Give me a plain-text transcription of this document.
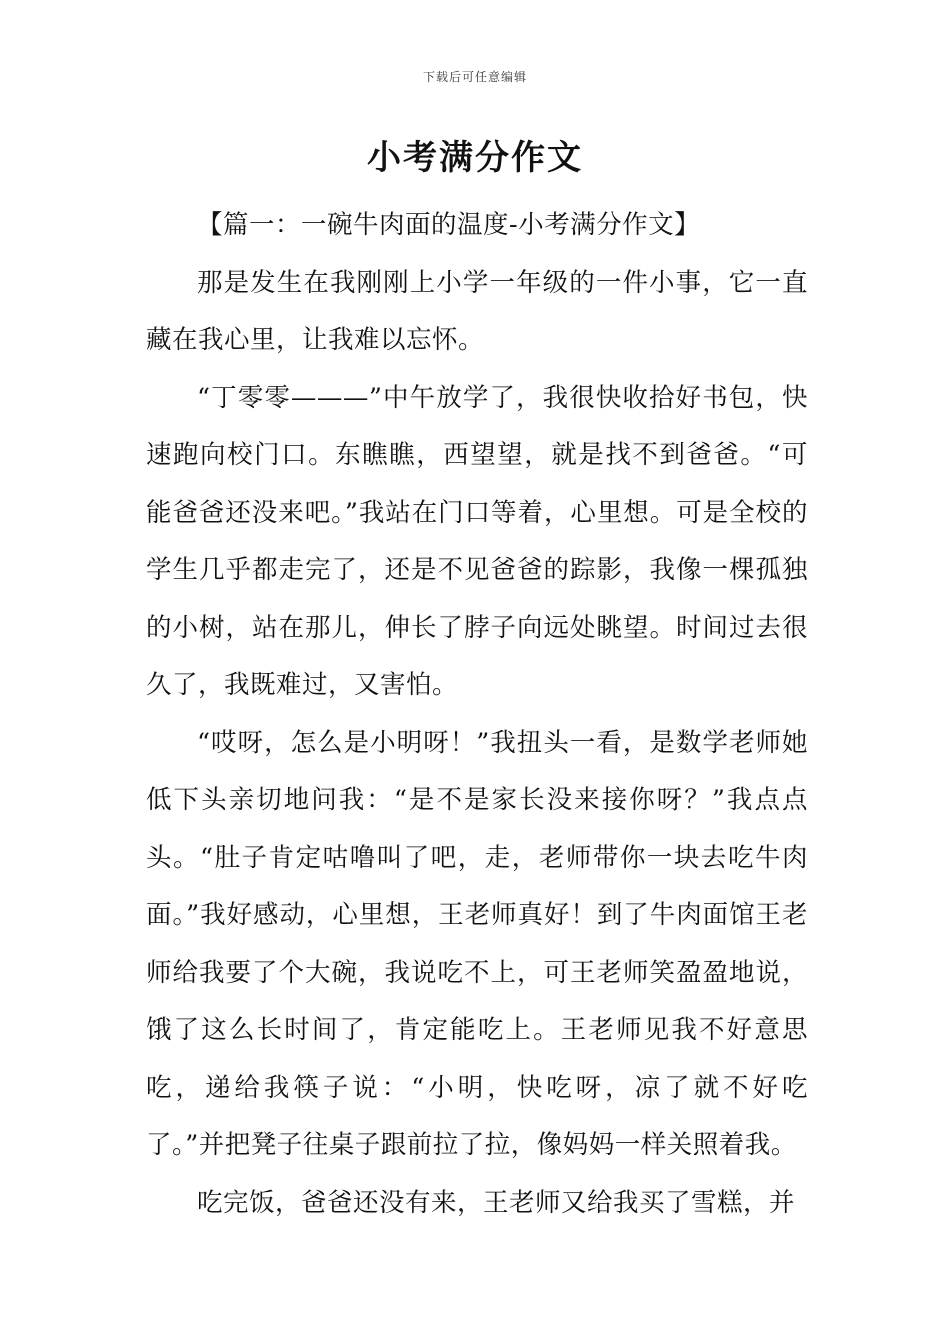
下载后可任意编辑
小考满分作文

【篇一：一碗牛肉面的温度-小考满分作文】

那是发生在我刚刚上小学一年级的一件小事，它一直藏在我心里，让我难以忘怀。

“丁零零———”中午放学了，我很快收拾好书包，快速跑向校门口。东瞧瞧，西望望，就是找不到爸爸。“可能爸爸还没来吧。”我站在门口等着，心里想。可是全校的学生几乎都走完了，还是不见爸爸的踪影，我像一棵孤独的小树，站在那儿，伸长了脖子向远处眺望。时间过去很久了，我既难过，又害怕。

“哎呀，怎么是小明呀！”我扭头一看，是数学老师她低下头亲切地问我：“是不是家长没来接你呀？”我点点头。“肚子肯定咕噜叫了吧，走，老师带你一块去吃牛肉面。”我好感动，心里想，王老师真好！到了牛肉面馆王老师给我要了个大碗，我说吃不上，可王老师笑盈盈地说，饿了这么长时间了，肯定能吃上。王老师见我不好意思吃，递给我筷子说：“小明，快吃呀，凉了就不好吃了。”并把凳子往桌子跟前拉了拉，像妈妈一样关照着我。

吃完饭，爸爸还没有来，王老师又给我买了雪糕，并
